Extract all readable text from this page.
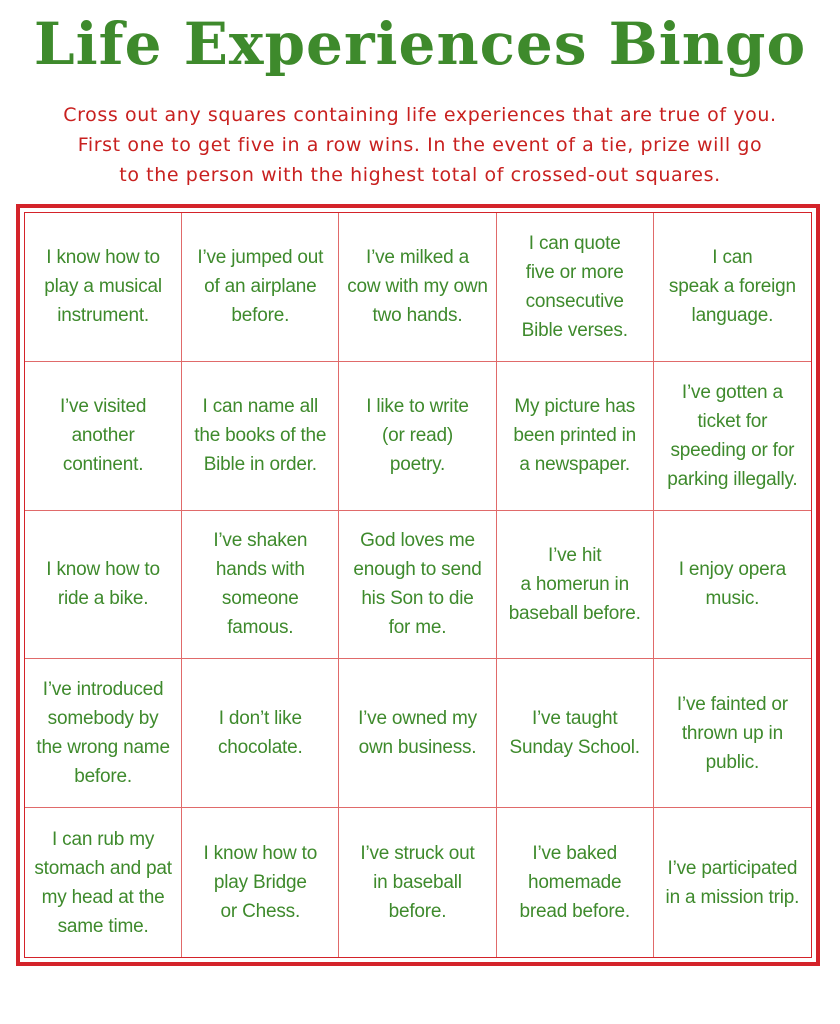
Life Experiences Bingo
Cross out any squares containing life experiences that are true of you.
First one to get five in a row wins. In the event of a tie, prize will go
to the person with the highest total of crossed-out squares.
I know how to
play a musical
instrument.
I’ve jumped out
of an airplane
before.
I’ve milked a
cow with my own
two hands.
I can quote
five or more
consecutive
Bible verses.
I can
speak a foreign
language.
I’ve visited
another
continent.
I can name all
the books of the
Bible in order.
I like to write
(or read)
poetry.
My picture has
been printed in
a newspaper.
I’ve gotten a
ticket for
speeding or for
parking illegally.
I know how to
ride a bike.
I’ve shaken
hands with
someone
famous.
God loves me
enough to send
his Son to die
for me.
I’ve hit
a homerun in
baseball before.
I enjoy opera
music.
I’ve introduced
somebody by
the wrong name
before.
I don’t like
chocolate.
I’ve owned my
own business.
I’ve taught
Sunday School.
I’ve fainted or
thrown up in
public.
I can rub my
stomach and pat
my head at the
same time.
I know how to
play Bridge
or Chess.
I’ve struck out
in baseball
before.
I’ve baked
homemade
bread before.
I’ve participated
in a mission trip.
